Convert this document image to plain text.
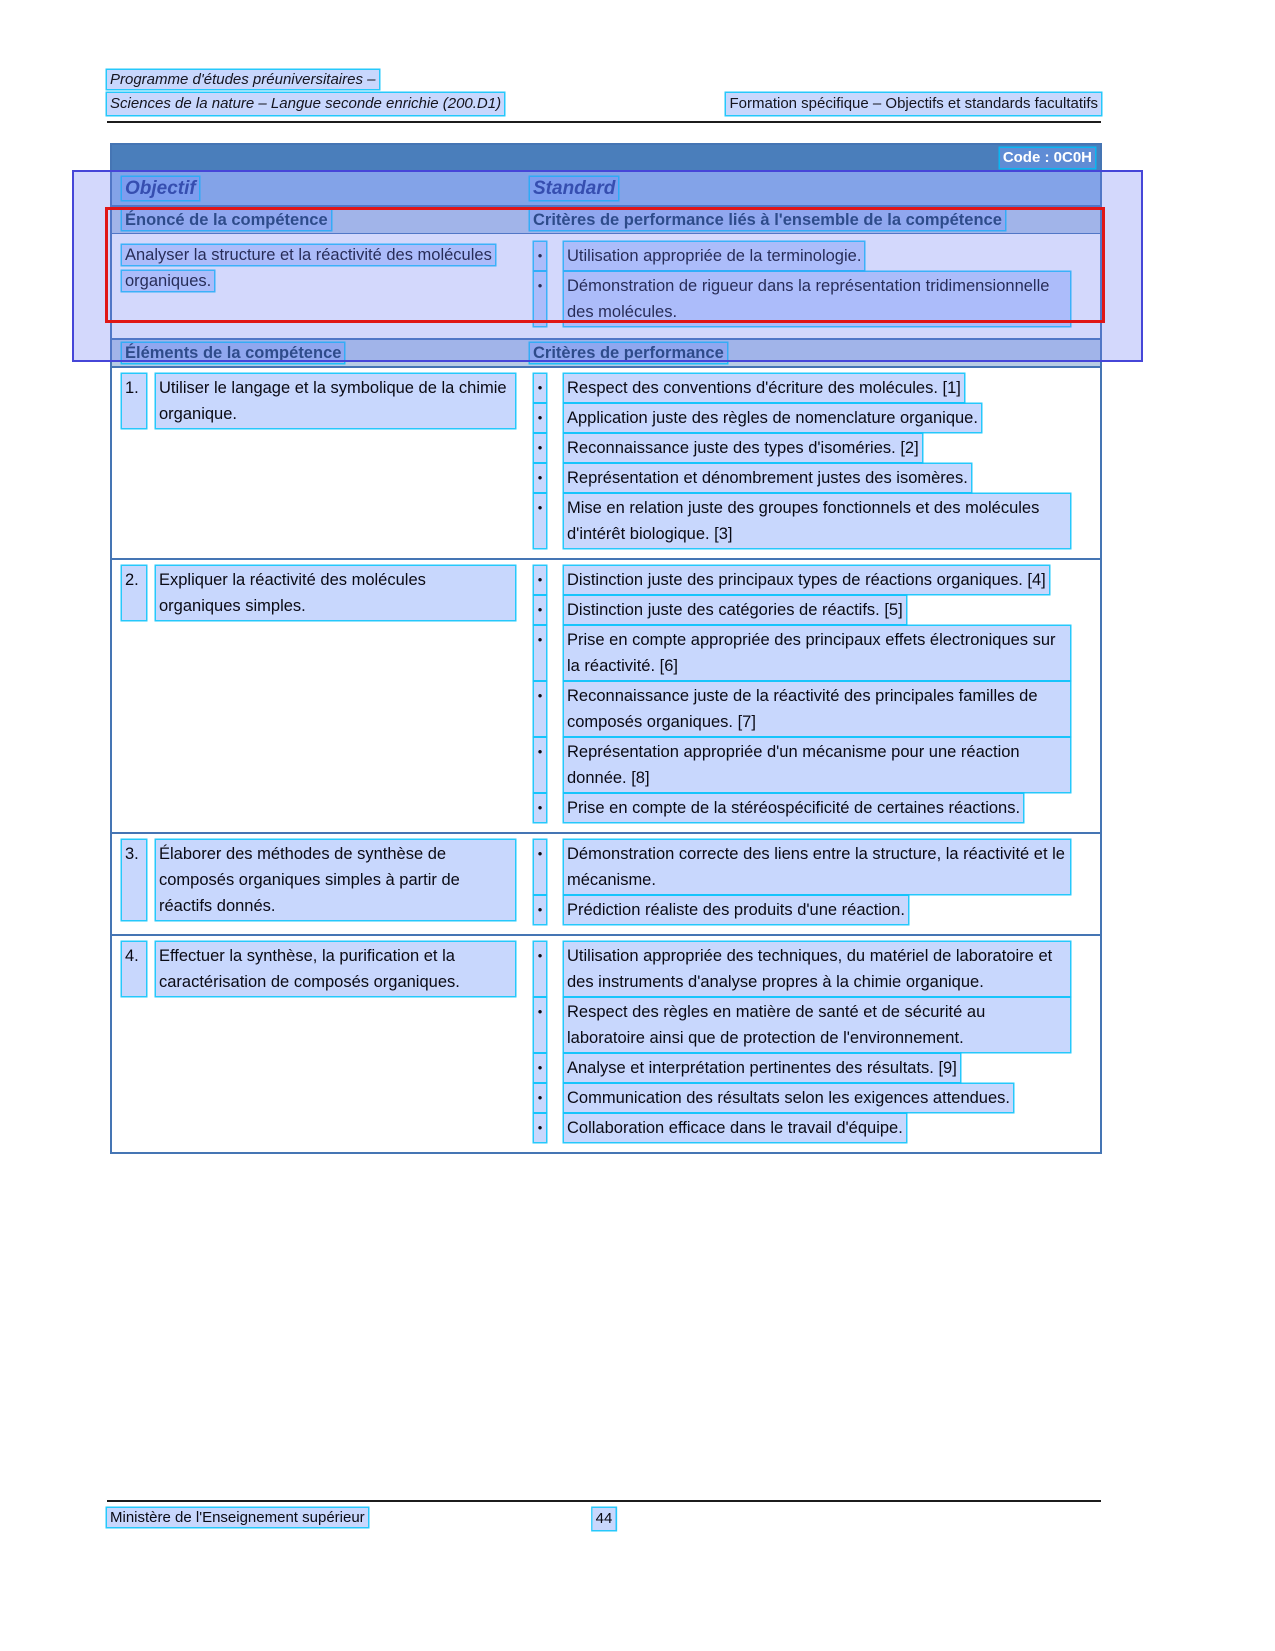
Programme d'études préuniversitaires –
Sciences de la nature – Langue seconde enrichie (200.D1)	Formation spécifique – Objectifs et standards facultatifs
Code : 0C0H
Objectif	Standard
Énoncé de la compétence	Critères de performance liés à l'ensemble de la compétence
Analyser la structure et la réactivité des molécules organiques.
• Utilisation appropriée de la terminologie.
• Démonstration de rigueur dans la représentation tridimensionnelle des molécules.
Éléments de la compétence	Critères de performance
1.	Utiliser le langage et la symbolique de la chimie organique.
• Respect des conventions d'écriture des molécules. [1]
• Application juste des règles de nomenclature organique.
• Reconnaissance juste des types d'isoméries. [2]
• Représentation et dénombrement justes des isomères.
• Mise en relation juste des groupes fonctionnels et des molécules d'intérêt biologique. [3]
2.	Expliquer la réactivité des molécules organiques simples.
• Distinction juste des principaux types de réactions organiques. [4]
• Distinction juste des catégories de réactifs. [5]
• Prise en compte appropriée des principaux effets électroniques sur la réactivité. [6]
• Reconnaissance juste de la réactivité des principales familles de composés organiques. [7]
• Représentation appropriée d'un mécanisme pour une réaction donnée. [8]
• Prise en compte de la stéréospécificité de certaines réactions.
3.	Élaborer des méthodes de synthèse de composés organiques simples à partir de réactifs donnés.
• Démonstration correcte des liens entre la structure, la réactivité et le mécanisme.
• Prédiction réaliste des produits d'une réaction.
4.	Effectuer la synthèse, la purification et la caractérisation de composés organiques.
• Utilisation appropriée des techniques, du matériel de laboratoire et des instruments d'analyse propres à la chimie organique.
• Respect des règles en matière de santé et de sécurité au laboratoire ainsi que de protection de l'environnement.
• Analyse et interprétation pertinentes des résultats. [9]
• Communication des résultats selon les exigences attendues.
• Collaboration efficace dans le travail d'équipe.
Ministère de l'Enseignement supérieur	44
